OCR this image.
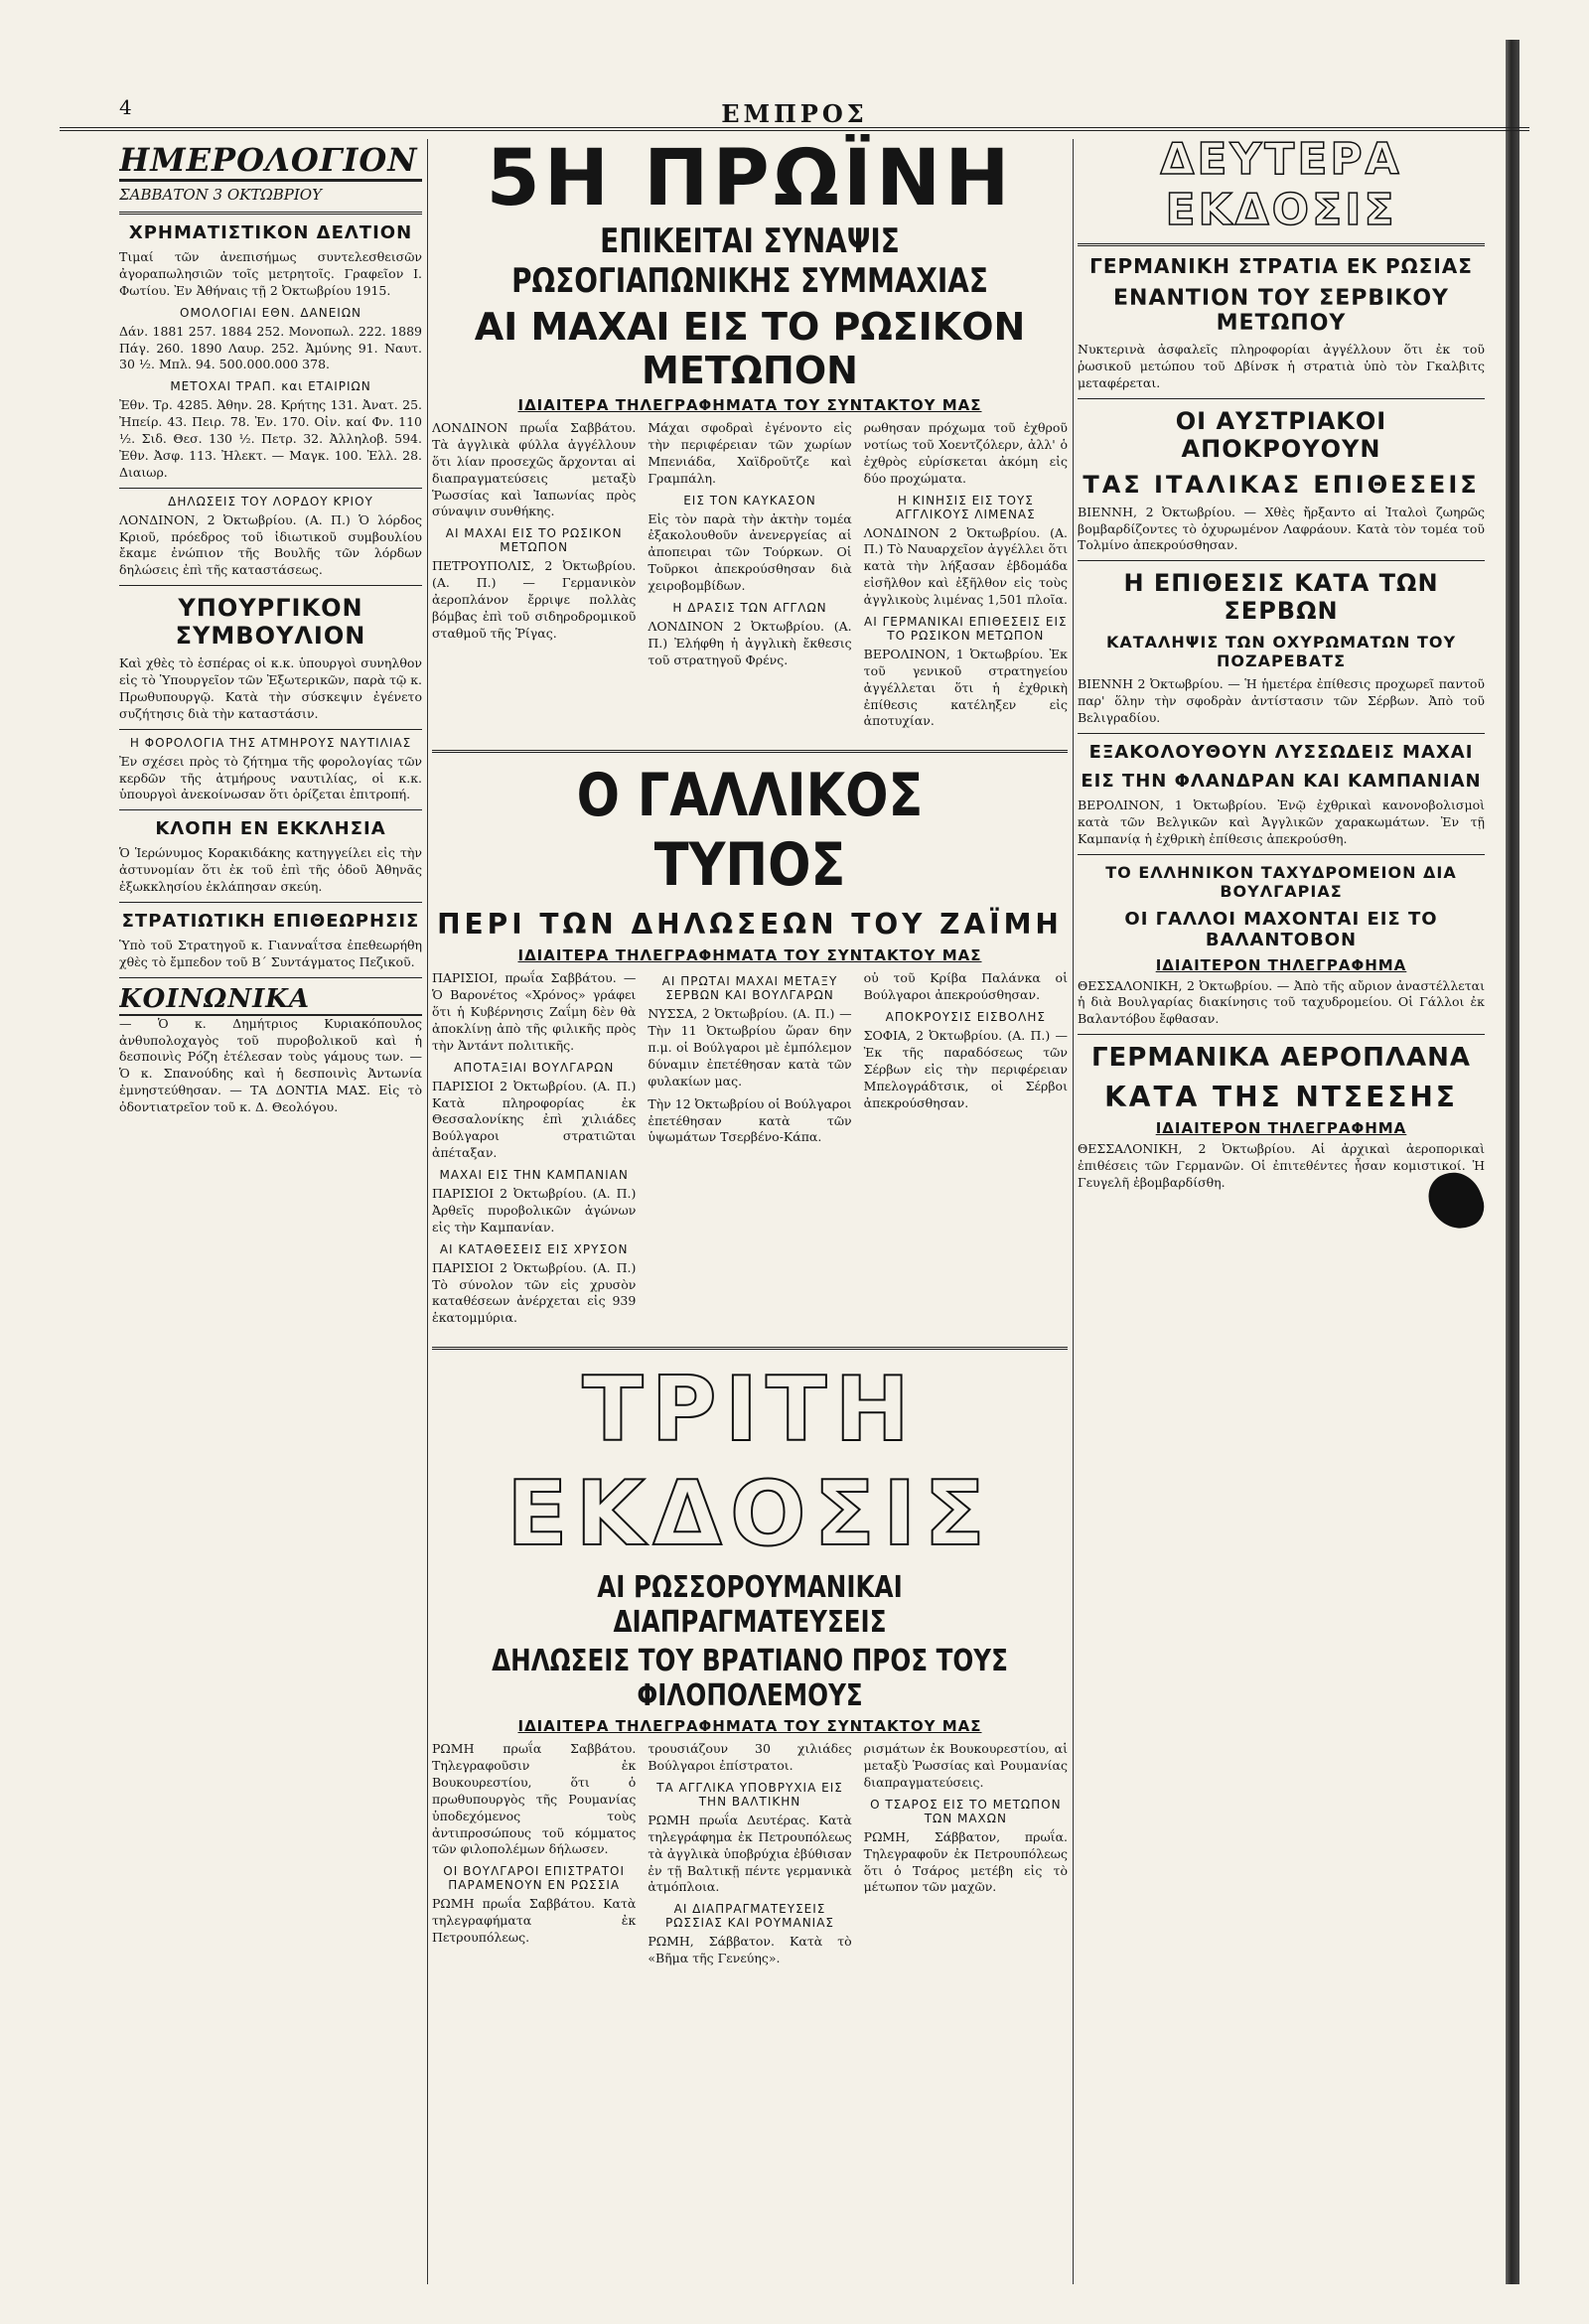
4	ΕΜΠΡΟΣ
ΗΜΕΡΟΛΟΓΙΟΝ
ΣΑΒΒΑΤΟΝ 3 ΟΚΤΩΒΡΙΟΥ
ΧΡΗΜΑΤΙΣΤΙΚΟΝ ΔΕΛΤΙΟΝ

Τιμαί τῶν ἀνεπισήμως συντελεσθεισῶν ἀγοραπωλησιῶν τοῖς μετρητοῖς. Γραφεῖον Ι. Φωτίου. Ἐν Ἀθήναις τῇ 2 Ὀκτωβρίου 1915.

ΟΜΟΛΟΓΙΑΙ ΕΘΝ. ΔΑΝΕΙΩΝ

Δάν. 1881 257. 1884 252. Μονοπωλ. 222. 1889 Πάγ. 260. 1890 Λαυρ. 252. Ἀμύνης 91. Ναυτ. 30 ½. Μπλ. 94. 500.000.000 378.

ΜΕΤΟΧΑΙ ΤΡΑΠ. και ΕΤΑΙΡΙΩΝ

Ἐθν. Τρ. 4285. Ἀθην. 28. Κρήτης 131. Ἀνατ. 25. Ἠπείρ. 43. Πειρ. 78. Ἐν. 170. Οἰν. καί Φν. 110 ½. Σιδ. Θεσ. 130 ½. Πετρ. 32. Ἀλληλοβ. 594. Ἐθν. Ἀσφ. 113. Ἠλεκτ. — Μαγκ. 100. Ἐλλ. 28. Διαιωρ.

ΔΗΛΩΣΕΙΣ ΤΟΥ ΛΟΡΔΟΥ ΚΡΙΟΥ

ΛΟΝΔΙΝΟΝ, 2 Ὀκτωβρίου. (Α. Π.) Ὁ λόρδος Κριοῦ, πρόεδρος τοῦ ἰδιωτικοῦ συμβουλίου ἔκαμε ἐνώπιον τῆς Βουλῆς τῶν λόρδων δηλώσεις ἐπὶ τῆς καταστάσεως.

ΥΠΟΥΡΓΙΚΟΝ ΣΥΜΒΟΥΛΙΟΝ

Καὶ χθὲς τὸ ἑσπέρας οἱ κ.κ. ὑπουργοὶ συνηλθον εἰς τὸ Ὑπουργεῖον τῶν Ἐξωτερικῶν, παρὰ τῷ κ. Πρωθυπουργῷ. Κατὰ τὴν σύσκεψιν ἐγένετο συζήτησις διὰ τὴν καταστάσιν.

Η ΦΟΡΟΛΟΓΙΑ ΤΗΣ ΑΤΜΗΡΟΥΣ ΝΑΥΤΙΛΙΑΣ

Ἐν σχέσει πρὸς τὸ ζήτημα τῆς φορολογίας τῶν κερδῶν τῆς ἀτμήρους ναυτιλίας, οἱ κ.κ. ὑπουργοὶ ἀνεκοίνωσαν ὅτι ὁρίζεται ἐπιτροπή.

ΚΛΟΠΗ ΕΝ ΕΚΚΛΗΣΙΑ

Ὁ Ἱερώνυμος Κορακιδάκης κατηγγείλει εἰς τὴν ἀστυνομίαν ὅτι ἐκ τοῦ ἐπὶ τῆς ὁδοῦ Ἀθηνᾶς ἐξωκκλησίου ἐκλάπησαν σκεύη.

ΣΤΡΑΤΙΩΤΙΚΗ ΕΠΙΘΕΩΡΗΣΙΣ

Ὑπὸ τοῦ Στρατηγοῦ κ. Γιανναΐτσα ἐπεθεωρήθη χθὲς τὸ ἔμπεδον τοῦ Β´ Συντάγματος Πεζικοῦ.

ΚΟΙΝΩΝΙΚΑ

— Ὁ κ. Δημήτριος Κυριακόπουλος ἀνθυπολοχαγὸς τοῦ πυροβολικοῦ καὶ ἡ δεσποινὶς Ρόζη ἐτέλεσαν τοὺς γάμους των. — Ὁ κ. Σπανούδης καὶ ἡ δεσποινὶς Ἀντωνία ἐμνηστεύθησαν. — ΤΑ ΔΟΝΤΙΑ ΜΑΣ. Εἰς τὸ ὀδοντιατρεῖον τοῦ κ. Δ. Θεολόγου.

5Η ΠΡΩΪΝΗ
ΕΠΙΚΕΙΤΑΙ ΣΥΝΑΨΙΣ ΡΩΣΟΓΙΑΠΩΝΙΚΗΣ ΣΥΜΜΑΧΙΑΣ
ΑΙ ΜΑΧΑΙ ΕΙΣ ΤΟ ΡΩΣΙΚΟΝ ΜΕΤΩΠΟΝ
ΙΔΙΑΙΤΕΡΑ ΤΗΛΕΓΡΑΦΗΜΑΤΑ ΤΟΥ ΣΥΝΤΑΚΤΟΥ ΜΑΣ

ΛΟΝΔΙΝΟΝ πρωΐα Σαββάτου. Τὰ ἀγγλικὰ φύλλα ἀγγέλλουν ὅτι λίαν προσεχῶς ἄρχονται αἱ διαπραγματεύσεις μεταξὺ Ῥωσσίας καὶ Ἰαπωνίας πρὸς σύναψιν συνθήκης.

ΑΙ ΜΑΧΑΙ ΕΙΣ ΤΟ ΡΩΣΙΚΟΝ ΜΕΤΩΠΟΝ

ΠΕΤΡΟΥΠΟΛΙΣ, 2 Ὀκτωβρίου. (Α. Π.) — Γερμανικὸν ἀεροπλάνον ἔρριψε πολλὰς βόμβας ἐπὶ τοῦ σιδηροδρομικοῦ σταθμοῦ τῆς Ῥίγας.

Μάχαι σφοδραὶ ἐγένοντο εἰς τὴν περιφέρειαν τῶν χωρίων Μπενιάδα, Χαϊδροῦτζε καὶ Γραμπάλη.

ΕΙΣ ΤΟΝ ΚΑΥΚΑΣΟΝ

Εἰς τὸν παρὰ τὴν ἀκτὴν τομέα ἐξακολουθοῦν ἀνενεργείας αἱ ἀποπειραι τῶν Τούρκων. Οἱ Τοῦρκοι ἀπεκρούσθησαν διὰ χειροβομβίδων.

Η ΔΡΑΣΙΣ ΤΩΝ ΑΓΓΛΩΝ

ΛΟΝΔΙΝΟΝ 2 Ὀκτωβρίου. (Α. Π.) Ἐλήφθη ἡ ἀγγλικὴ ἔκθεσις τοῦ στρατηγοῦ Φρένς.

ρωθησαν πρόχωμα τοῦ ἐχθροῦ νοτίως τοῦ Χοεντζόλερν, ἀλλ' ὁ ἐχθρὸς εὐρίσκεται ἀκόμη εἰς δύο προχώματα.

Η ΚΙΝΗΣΙΣ ΕΙΣ ΤΟΥΣ ΑΓΓΛΙΚΟΥΣ ΛΙΜΕΝΑΣ

ΛΟΝΔΙΝΟΝ 2 Ὀκτωβρίου. (Α. Π.) Τὸ Ναυαρχεῖον ἀγγέλλει ὅτι κατὰ τὴν λήξασαν ἑβδομάδα εἰσῆλθον καὶ ἐξῆλθον εἰς τοὺς ἀγγλικοὺς λιμένας 1,501 πλοῖα.

ΑΙ ΓΕΡΜΑΝΙΚΑΙ ΕΠΙΘΕΣΕΙΣ ΕΙΣ ΤΟ ΡΩΣΙΚΟΝ ΜΕΤΩΠΟΝ

ΒΕΡΟΛΙΝΟΝ, 1 Ὀκτωβρίου. Ἐκ τοῦ γενικοῦ στρατηγείου ἀγγέλλεται ὅτι ἡ ἐχθρικὴ ἐπίθεσις κατέληξεν εἰς ἀποτυχίαν.

Ο ΓΑΛΛΙΚΟΣ ΤΥΠΟΣ
ΠΕΡΙ ΤΩΝ ΔΗΛΩΣΕΩΝ ΤΟΥ ΖΑΪΜΗ
ΙΔΙΑΙΤΕΡΑ ΤΗΛΕΓΡΑΦΗΜΑΤΑ ΤΟΥ ΣΥΝΤΑΚΤΟΥ ΜΑΣ

ΠΑΡΙΣΙΟΙ, πρωΐα Σαββάτου. — Ὁ Βαρονέτος «Χρόνος» γράφει ὅτι ἡ Κυβέρνησις Ζαΐμη δὲν θὰ ἀποκλίνῃ ἀπὸ τῆς φιλικῆς πρὸς τὴν Ἀντάντ πολιτικῆς.

ΑΠΟΤΑΞΙΑΙ ΒΟΥΛΓΑΡΩΝ

ΠΑΡΙΣΙΟΙ 2 Ὀκτωβρίου. (Α. Π.) Κατὰ πληροφορίας ἐκ Θεσσαλονίκης ἐπὶ χιλιάδες Βούλγαροι στρατιῶται ἀπέταξαν.

ΜΑΧΑΙ ΕΙΣ ΤΗΝ ΚΑΜΠΑΝΙΑΝ

ΠΑΡΙΣΙΟΙ 2 Ὀκτωβρίου. (Α. Π.) Ἀρθεῖς πυροβολικῶν ἀγώνων εἰς τὴν Καμπανίαν.

ΑΙ ΚΑΤΑΘΕΣΕΙΣ ΕΙΣ ΧΡΥΣΟΝ

ΠΑΡΙΣΙΟΙ 2 Ὀκτωβρίου. (Α. Π.) Τὸ σύνολον τῶν εἰς χρυσὸν καταθέσεων ἀνέρχεται εἰς 939 ἑκατομμύρια.

ΑΙ ΠΡΩΤΑΙ ΜΑΧΑΙ ΜΕΤΑΞΥ ΣΕΡΒΩΝ ΚΑΙ ΒΟΥΛΓΑΡΩΝ

ΝΥΣΣΑ, 2 Ὀκτωβρίου. (Α. Π.) — Τὴν 11 Ὀκτωβρίου ὥραν 6ην π.μ. οἱ Βούλγαροι μὲ ἐμπόλεμον δύναμιν ἐπετέθησαν κατὰ τῶν φυλακίων μας.

Τὴν 12 Ὀκτωβρίου οἱ Βούλγαροι ἐπετέθησαν κατὰ τῶν ὑψωμάτων Τσερβένο-Κάπα.

οὐ τοῦ Κρίβα Παλάνκα οἱ Βούλγαροι ἀπεκρούσθησαν.

ΑΠΟΚΡΟΥΣΙΣ ΕΙΣΒΟΛΗΣ

ΣΟΦΙΑ, 2 Ὀκτωβρίου. (Α. Π.) — Ἐκ τῆς παραδόσεως τῶν Σέρβων εἰς τὴν περιφέρειαν Μπελογράδτσικ, οἱ Σέρβοι ἀπεκρούσθησαν.

ΤΡΙΤΗ ΕΚΔΟΣΙΣ
ΑΙ ΡΩΣΣΟΡΟΥΜΑΝΙΚΑΙ ΔΙΑΠΡΑΓΜΑΤΕΥΣΕΙΣ
ΔΗΛΩΣΕΙΣ ΤΟΥ ΒΡΑΤΙΑΝΟ ΠΡΟΣ ΤΟΥΣ ΦΙΛΟΠΟΛΕΜΟΥΣ
ΙΔΙΑΙΤΕΡΑ ΤΗΛΕΓΡΑΦΗΜΑΤΑ ΤΟΥ ΣΥΝΤΑΚΤΟΥ ΜΑΣ

ΡΩΜΗ πρωΐα Σαββάτου. Τηλεγραφοῦσιν ἐκ Βουκουρεστίου, ὅτι ὁ πρωθυπουργὸς τῆς Ρουμανίας ὑποδεχόμενος τοὺς ἀντιπροσώπους τοῦ κόμματος τῶν φιλοπολέμων δήλωσεν.

ΟΙ ΒΟΥΛΓΑΡΟΙ ΕΠΙΣΤΡΑΤΟΙ ΠΑΡΑΜΕΝΟΥΝ ΕΝ ΡΩΣΣΙΑ

ΡΩΜΗ πρωΐα Σαββάτου. Κατὰ τηλεγραφήματα ἐκ Πετρουπόλεως.

τρουσιάζουν 30 χιλιάδες Βούλγαροι ἐπίστρατοι.

ΤΑ ΑΓΓΛΙΚΑ ΥΠΟΒΡΥΧΙΑ ΕΙΣ ΤΗΝ ΒΑΛΤΙΚΗΝ

ΡΩΜΗ πρωΐα Δευτέρας. Κατὰ τηλεγράφημα ἐκ Πετρουπόλεως τὰ ἀγγλικὰ ὑποβρύχια ἐβύθισαν ἐν τῇ Βαλτικῇ πέντε γερμανικὰ ἀτμόπλοια.

ΑΙ ΔΙΑΠΡΑΓΜΑΤΕΥΣΕΙΣ ΡΩΣΣΙΑΣ ΚΑΙ ΡΟΥΜΑΝΙΑΣ

ΡΩΜΗ, Σάββατον. Κατὰ τὸ «Βῆμα τῆς Γενεύης».

ρισμάτων ἐκ Βουκουρεστίου, αἱ μεταξὺ Ῥωσσίας καὶ Ρουμανίας διαπραγματεύσεις.

Ο ΤΣΑΡΟΣ ΕΙΣ ΤΟ ΜΕΤΩΠΟΝ ΤΩΝ ΜΑΧΩΝ

ΡΩΜΗ, Σάββατον, πρωΐα. Τηλεγραφοῦν ἐκ Πετρουπόλεως ὅτι ὁ Τσάρος μετέβη εἰς τὸ μέτωπον τῶν μαχῶν.

ΔΕΥΤΕΡΑ ΕΚΔΟΣΙΣ
ΓΕΡΜΑΝΙΚΗ ΣΤΡΑΤΙΑ ΕΚ ΡΩΣΙΑΣ
ΕΝΑΝΤΙΟΝ ΤΟΥ ΣΕΡΒΙΚΟΥ ΜΕΤΩΠΟΥ

Νυκτερινὰ ἀσφαλεῖς πληροφορίαι ἀγγέλλουν ὅτι ἐκ τοῦ ῥωσικοῦ μετώπου τοῦ Δβίνσκ ἡ στρατιὰ ὑπὸ τὸν Γκαλβιτς μεταφέρεται.

ΟΙ ΑΥΣΤΡΙΑΚΟΙ ΑΠΟΚΡΟΥΟΥΝ
ΤΑΣ ΙΤΑΛΙΚΑΣ ΕΠΙΘΕΣΕΙΣ

ΒΙΕΝΝΗ, 2 Ὀκτωβρίου. — Χθὲς ἤρξαντο αἱ Ἰταλοὶ ζωηρῶς βομβαρδίζοντες τὸ ὀχυρωμένον Λαφράουν. Κατὰ τὸν τομέα τοῦ Τολμίνο ἀπεκρούσθησαν.

Η ΕΠΙΘΕΣΙΣ ΚΑΤΑ ΤΩΝ ΣΕΡΒΩΝ
ΚΑΤΑΛΗΨΙΣ ΤΩΝ ΟΧΥΡΩΜΑΤΩΝ ΤΟΥ ΠΟΖΑΡΕΒΑΤΣ

ΒΙΕΝΝΗ 2 Ὀκτωβρίου. — Ἡ ἡμετέρα ἐπίθεσις προχωρεῖ παντοῦ παρ' ὅλην τὴν σφοδρὰν ἀντίστασιν τῶν Σέρβων. Ἀπὸ τοῦ Βελιγραδίου.

ΕΞΑΚΟΛΟΥΘΟΥΝ ΛΥΣΣΩΔΕΙΣ ΜΑΧΑΙ
ΕΙΣ ΤΗΝ ΦΛΑΝΔΡΑΝ ΚΑΙ ΚΑΜΠΑΝΙΑΝ

ΒΕΡΟΛΙΝΟΝ, 1 Ὀκτωβρίου. Ἐνῷ ἐχθρικαὶ κανονοβολισμοὶ κατὰ τῶν Βελγικῶν καὶ Ἀγγλικῶν χαρακωμάτων. Ἐν τῇ Καμπανίᾳ ἡ ἐχθρικὴ ἐπίθεσις ἀπεκρούσθη.

ΤΟ ΕΛΛΗΝΙΚΟΝ ΤΑΧΥΔΡΟΜΕΙΟΝ ΔΙΑ ΒΟΥΛΓΑΡΙΑΣ
ΟΙ ΓΑΛΛΟΙ ΜΑΧΟΝΤΑΙ ΕΙΣ ΤΟ ΒΑΛΑΝΤΟΒΟΝ
ΙΔΙΑΙΤΕΡΟΝ ΤΗΛΕΓΡΑΦΗΜΑ

ΘΕΣΣΑΛΟΝΙΚΗ, 2 Ὀκτωβρίου. — Ἀπὸ τῆς αὔριον ἀναστέλλεται ἡ διὰ Βουλγαρίας διακίνησις τοῦ ταχυδρομείου. Οἱ Γάλλοι ἐκ Βαλαντόβου ἔφθασαν.

ΓΕΡΜΑΝΙΚΑ ΑΕΡΟΠΛΑΝΑ
ΚΑΤΑ ΤΗΣ ΝΤΣΕΣΗΣ
ΙΔΙΑΙΤΕΡΟΝ ΤΗΛΕΓΡΑΦΗΜΑ

ΘΕΣΣΑΛΟΝΙΚΗ, 2 Ὀκτωβρίου. Αἱ ἀρχικαὶ ἀεροπορικαὶ ἐπιθέσεις τῶν Γερμανῶν. Οἱ ἐπιτεθέντες ἦσαν κομιστικοί. Ἡ Γευγελῆ ἐβομβαρδίσθη.
